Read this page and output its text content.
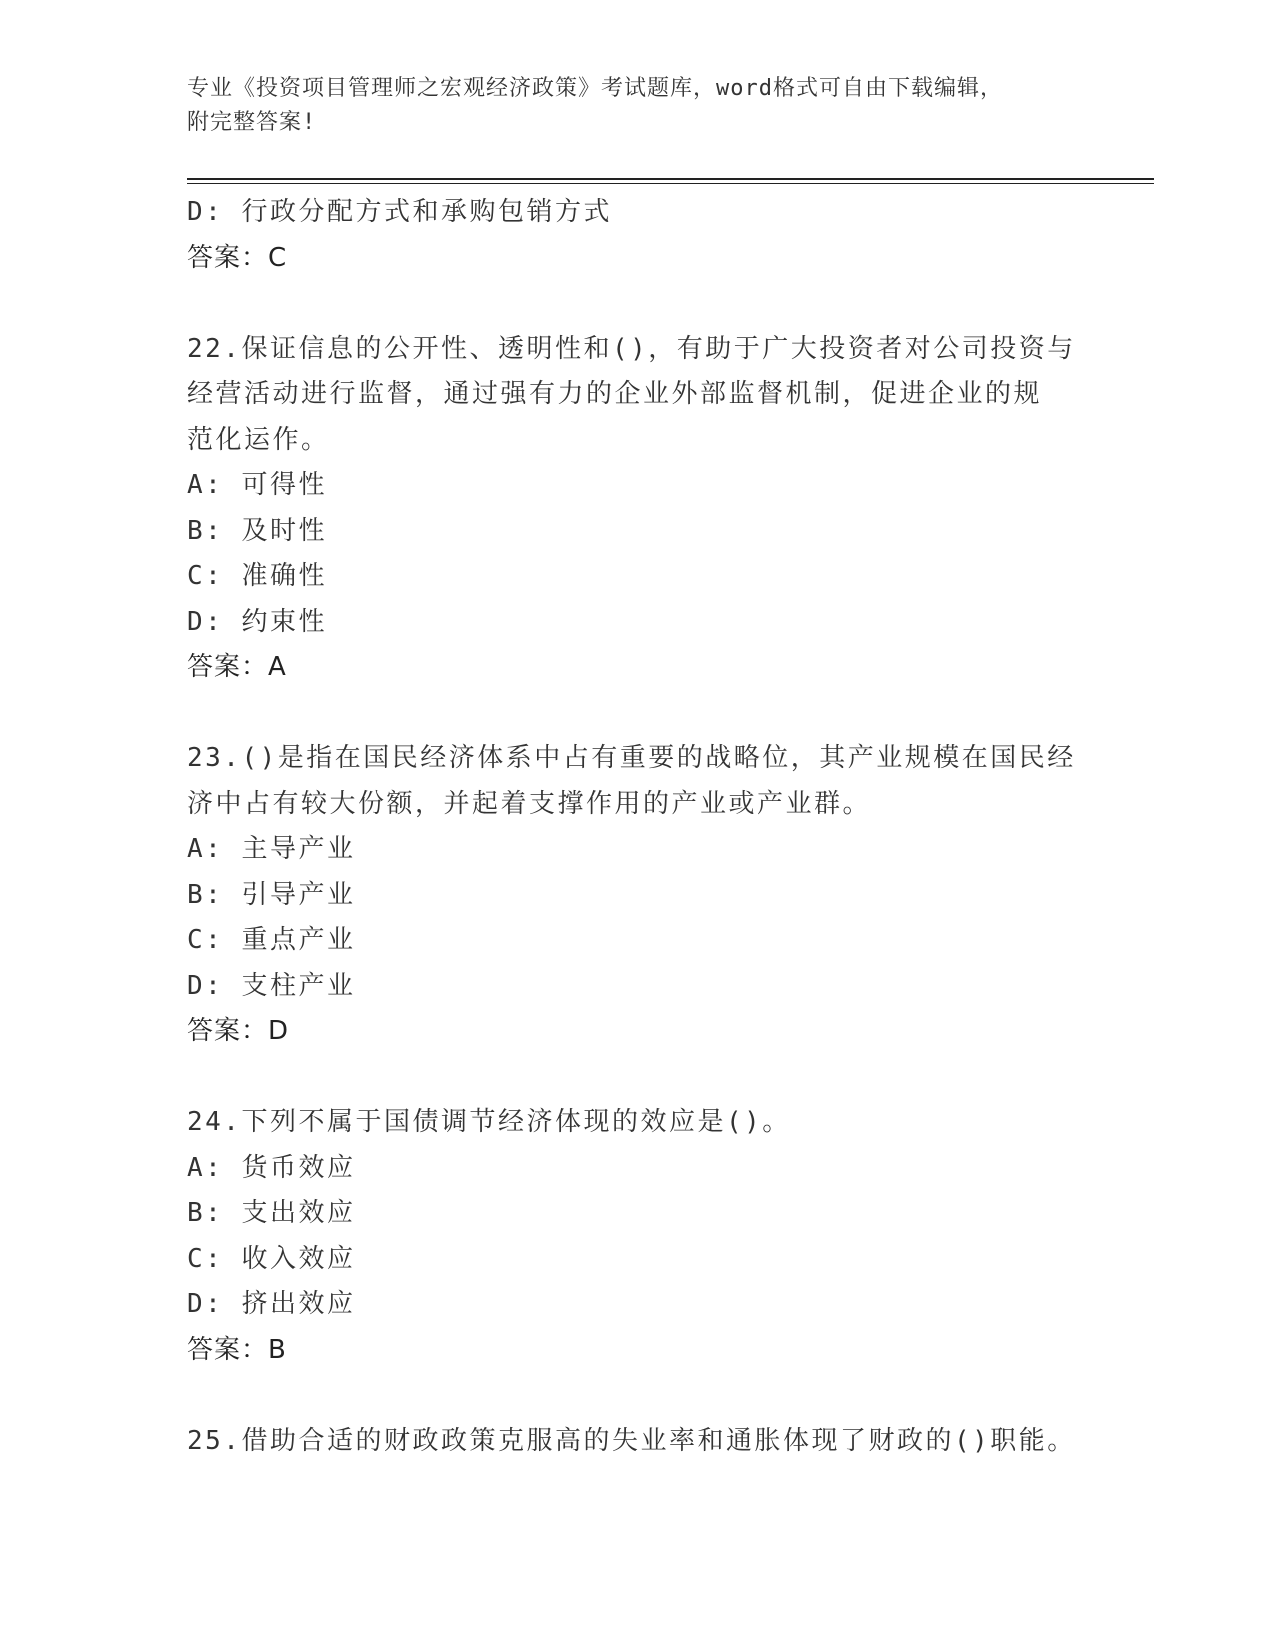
专业《投资项目管理师之宏观经济政策》考试题库，word格式可自由下载编辑，
附完整答案!
D: 行政分配方式和承购包销方式
答案：C
22.保证信息的公开性、透明性和()，有助于广大投资者对公司投资与
经营活动进行监督，通过强有力的企业外部监督机制，促进企业的规
范化运作。
A: 可得性
B: 及时性
C: 准确性
D: 约束性
答案：A
23.()是指在国民经济体系中占有重要的战略位，其产业规模在国民经
济中占有较大份额，并起着支撑作用的产业或产业群。
A: 主导产业
B: 引导产业
C: 重点产业
D: 支柱产业
答案：D
24.下列不属于国债调节经济体现的效应是()。
A: 货币效应
B: 支出效应
C: 收入效应
D: 挤出效应
答案：B
25.借助合适的财政政策克服高的失业率和通胀体现了财政的()职能。
